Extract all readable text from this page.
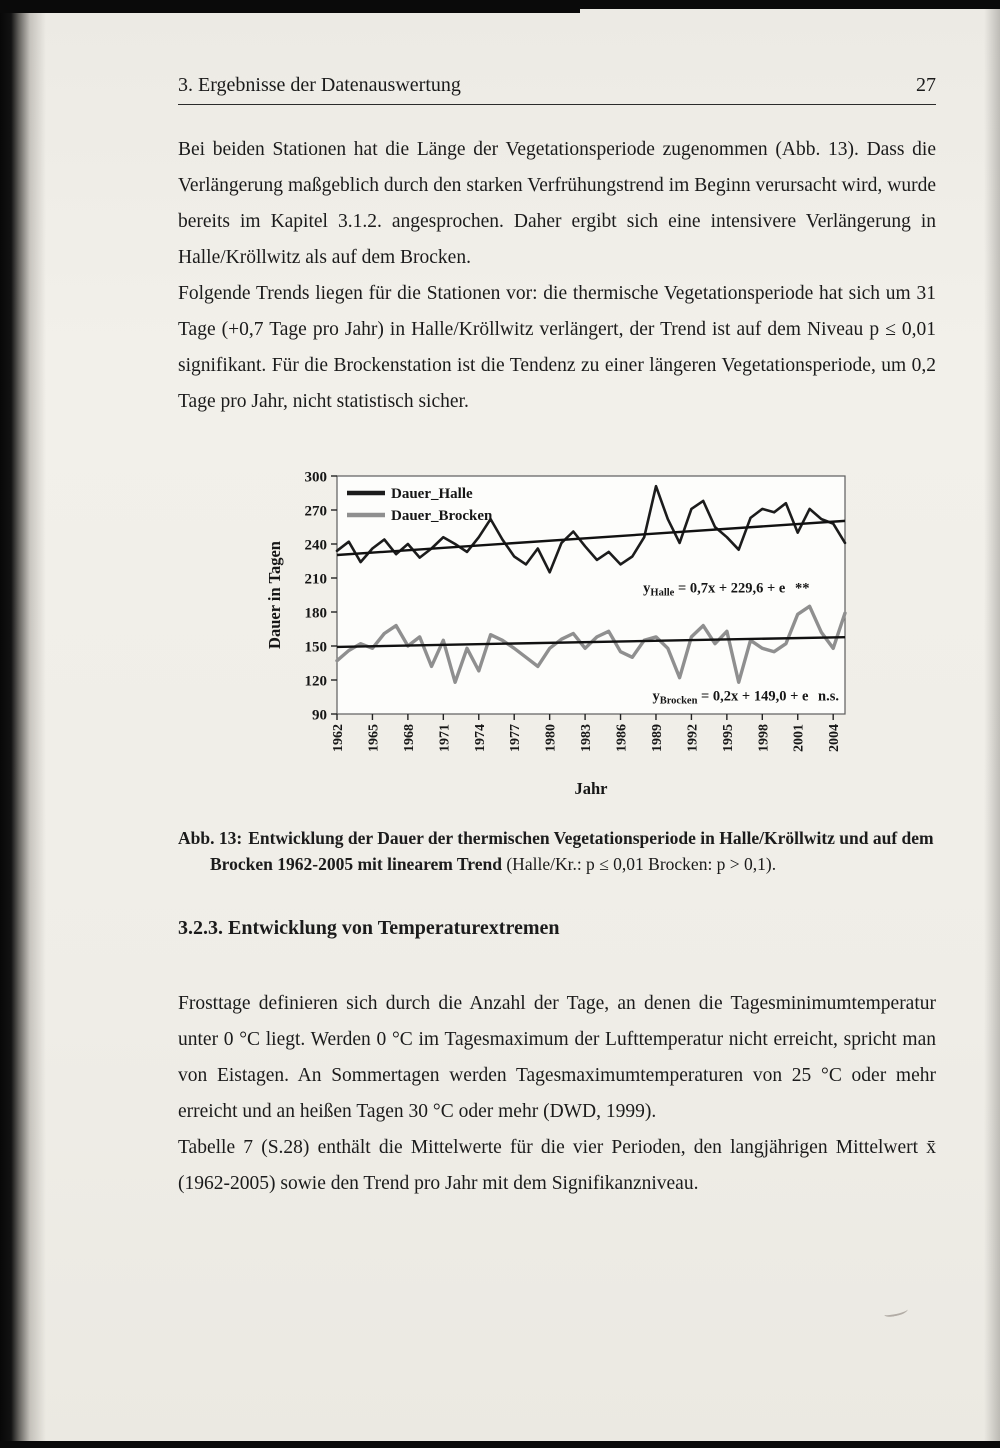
3. Ergebnisse der Datenauswertung	27

Bei beiden Stationen hat die Länge der Vegetationsperiode zugenommen (Abb. 13). Dass die Verlängerung maßgeblich durch den starken Verfrühungstrend im Beginn verursacht wird, wurde bereits im Kapitel 3.1.2. angesprochen. Daher ergibt sich eine intensivere Verlängerung in Halle/Kröllwitz als auf dem Brocken.

Folgende Trends liegen für die Stationen vor: die thermische Vegetationsperiode hat sich um 31 Tage (+0,7 Tage pro Jahr) in Halle/Kröllwitz verlängert, der Trend ist auf dem Niveau p ≤ 0,01 signifikant. Für die Brockenstation ist die Tendenz zu einer längeren Vegetationsperiode, um 0,2 Tage pro Jahr, nicht statistisch sicher.

90
120
150
180
210
240
270
300
1962 1965 1968 1971 1974 1977 1980 1983 1986 1989 1992 1995 1998 2001 2004
$y_{Halle} = 0,7x + 229,6 + e$ **
$y_{Brocken} = 0,2x + 149,0 + e$ n.s.
Dauer_Halle
Dauer_Brocken
Dauer in Tagen
Jahr
Abb. 13: Entwicklung der Dauer der thermischen Vegetationsperiode in Halle/Kröllwitz und auf dem Brocken 1962-2005 mit linearem Trend (Halle/Kr.: p ≤ 0,01 Brocken: p > 0,1).
3.2.3. Entwicklung von Temperaturextremen

Frosttage definieren sich durch die Anzahl der Tage, an denen die Tagesminimumtemperatur unter 0 °C liegt. Werden 0 °C im Tagesmaximum der Lufttemperatur nicht erreicht, spricht man von Eistagen. An Sommertagen werden Tagesmaximumtemperaturen von 25 °C oder mehr erreicht und an heißen Tagen 30 °C oder mehr (DWD, 1999).

Tabelle 7 (S.28) enthält die Mittelwerte für die vier Perioden, den langjährigen Mittelwert x̄ (1962-2005) sowie den Trend pro Jahr mit dem Signifikanzniveau.
